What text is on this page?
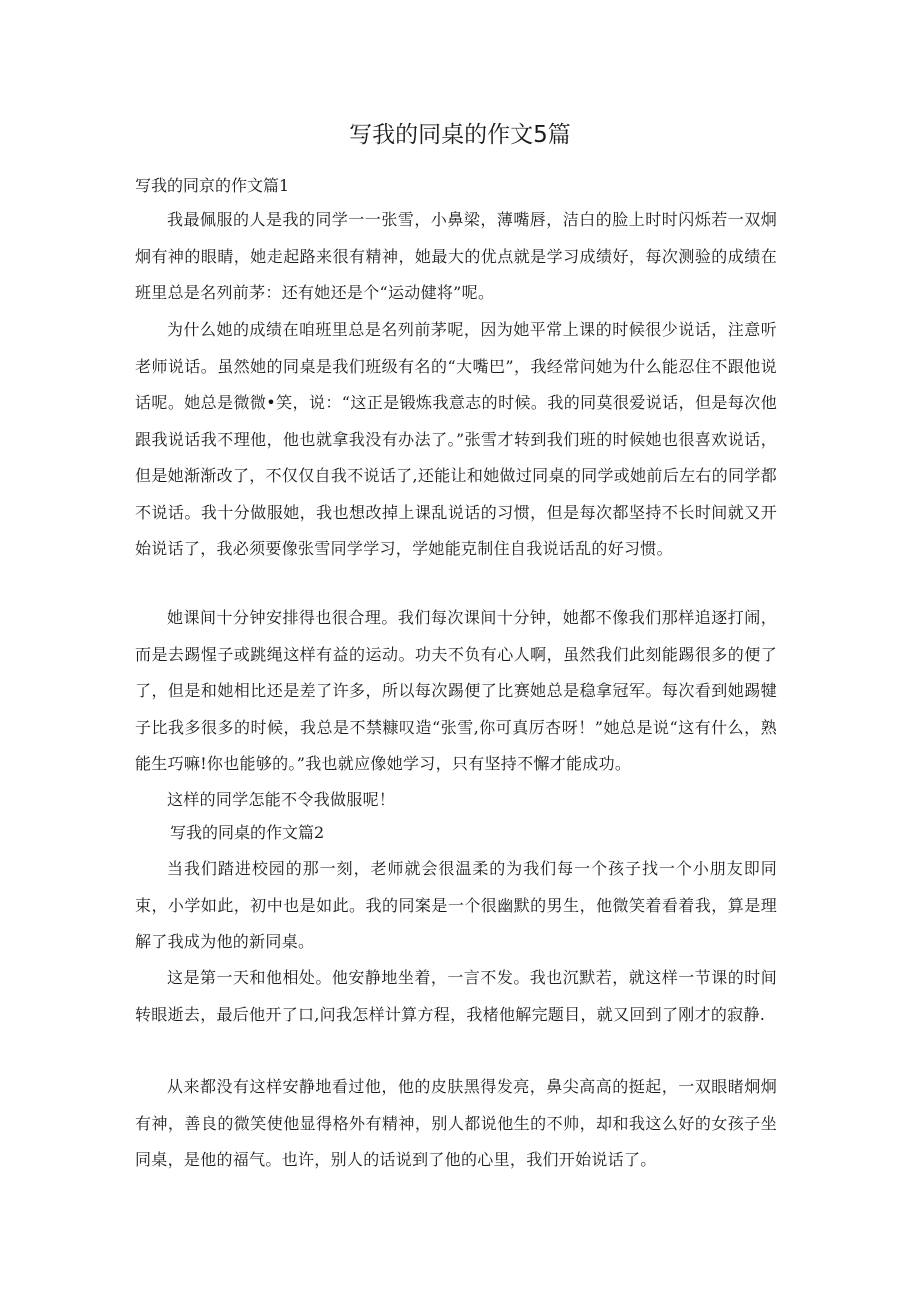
写我的同桌的作文5篇

写我的同京的作文篇1

我最佩服的人是我的同学一一张雪，小鼻梁，薄嘴唇，洁白的脸上时时闪烁若一双炯炯有神的眼睛，她走起路来很有精神，她最大的优点就是学习成绩好，每次测验的成绩在班里总是名列前茅：还有她还是个“运动健将”呢。

为什么她的成绩在咱班里总是名列前茅呢，因为她平常上课的时候很少说话，注意听老师说话。虽然她的同桌是我们班级有名的“大嘴巴”，我经常问她为什么能忍住不跟他说话呢。她总是微微•笑，说：“这正是锻炼我意志的时候。我的同莫很爱说话，但是每次他跟我说话我不理他，他也就拿我没有办法了。”张雪才转到我们班的时候她也很喜欢说话，但是她渐渐改了，不仅仅自我不说话了,还能让和她做过同桌的同学或她前后左右的同学都不说话。我十分做服她，我也想改掉上课乱说话的习惯，但是每次都坚持不长时间就又开始说话了，我必须要像张雪同学学习，学她能克制住自我说话乱的好习惯。

她课间十分钟安排得也很合理。我们每次课间十分钟，她都不像我们那样追逐打闹，而是去踢惺子或跳绳这样有益的运动。功夫不负有心人啊，虽然我们此刻能踢很多的便了了，但是和她相比还是差了许多，所以每次踢便了比赛她总是稳拿冠军。每次看到她踢犍子比我多很多的时候，我总是不禁糠叹造“张雪,你可真厉杏呀！”她总是说“这有什么，熟能生巧嘛!你也能够的。”我也就应像她学习，只有坚持不懈才能成功。

这样的同学怎能不令我做服呢！

写我的同桌的作文篇2

当我们踏进校园的那一刻，老师就会很温柔的为我们每一个孩子找一个小朋友即同束，小学如此，初中也是如此。我的同案是一个很幽默的男生，他微笑着看着我，算是理解了我成为他的新同桌。

这是第一天和他相处。他安静地坐着，一言不发。我也沉默若，就这样一节课的时间转眼逝去，最后他开了口,问我怎样计算方程，我楮他解完题目，就又回到了刚才的寂静.

从来都没有这样安静地看过他，他的皮肤黑得发亮，鼻尖高高的挺起，一双眼睹炯炯有神，善良的微笑使他显得格外有精神，别人都说他生的不帅，却和我这么好的女孩子坐同桌，是他的福气。也许，别人的话说到了他的心里，我们开始说话了。
